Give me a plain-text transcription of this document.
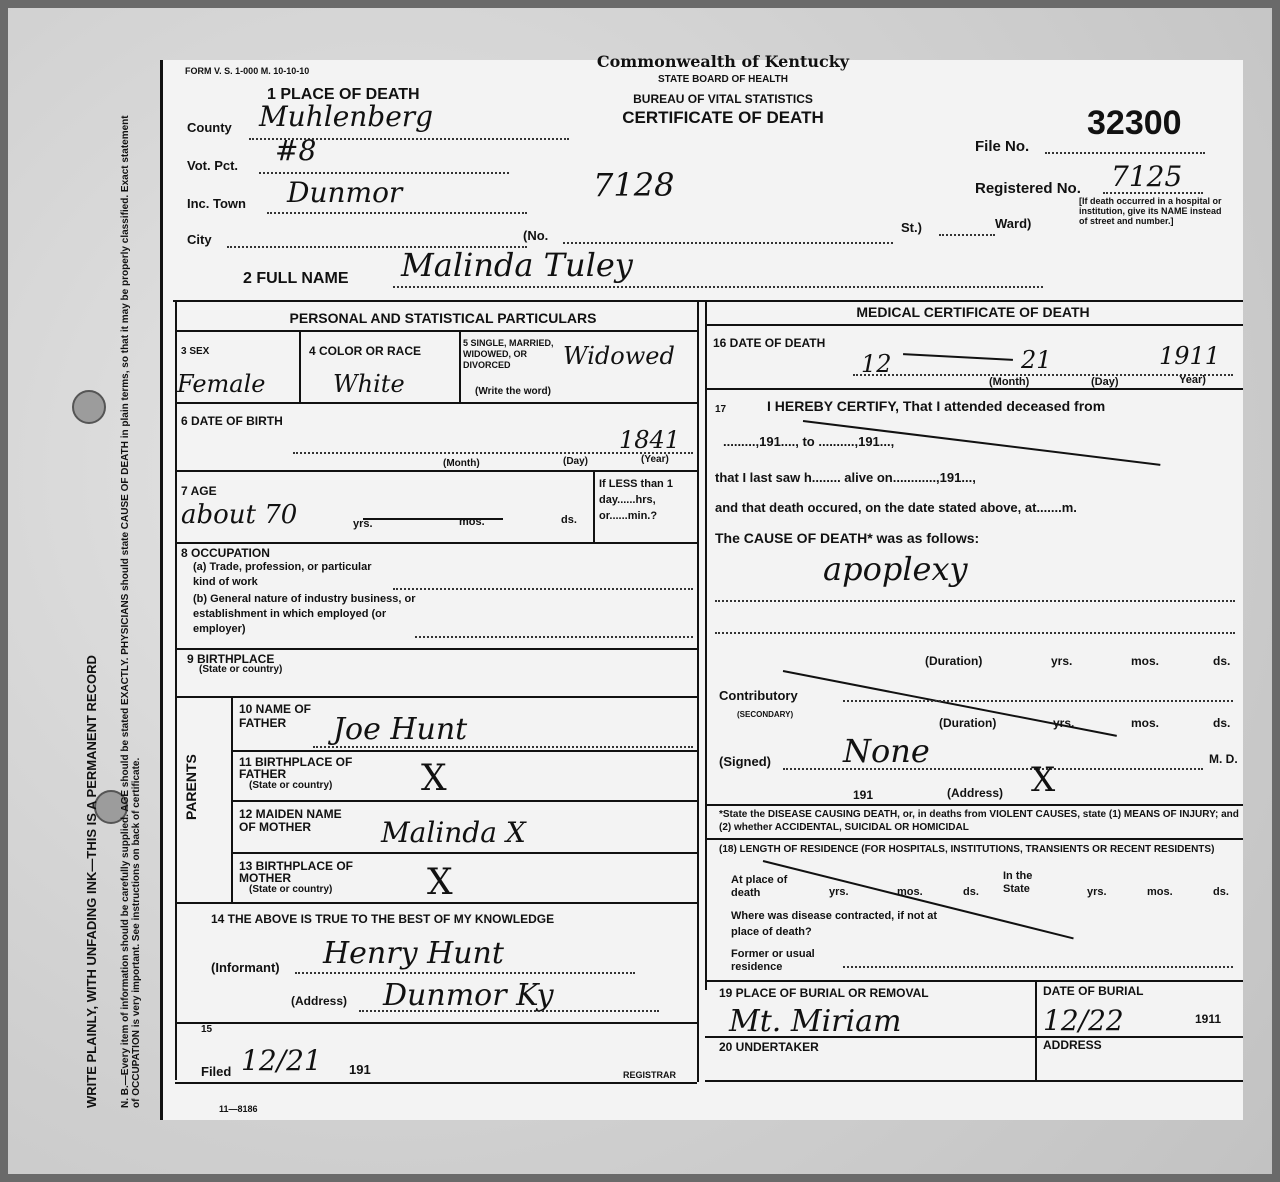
WRITE PLAINLY, WITH UNFADING INK—THIS IS A PERMANENT RECORD N. B.—Every item of information should be carefully supplied. AGE should be stated EXACTLY. PHYSICIANS should state CAUSE OF DEATH in plain terms, so that it may be properly classified. Exact statement of OCCUPATION is very important. See instructions on back of certificate.
FORM V. S. 1-000 M. 10-10-10	Commonwealth of Kentucky
STATE BOARD OF HEALTH
BUREAU OF VITAL STATISTICS
CERTIFICATE OF DEATH
1 PLACE OF DEATH
County Muhlenberg
Vot. Pct. #8
Inc. Town Dunmor	7128
City	(No.
St.)	Ward)
File No.
32300
Registered No. 7125
[If death occurred in a hospital or institution, give its NAME instead of street and number.]
2 FULL NAME Malinda Tuley
PERSONAL AND STATISTICAL PARTICULARS
3 SEX
Female
4 COLOR OR RACE
White
5 SINGLE, MARRIED, WIDOWED, OR DIVORCED
(Write the word)
Widowed
6 DATE OF BIRTH
1841
(Month)	(Day)	(Year)
7 AGE
about 70	yrs.	mos.	ds.
If LESS than 1 day......hrs, or......min.?
8 OCCUPATION
(a) Trade, profession, or particular kind of work
(b) General nature of industry business, or establishment in which employed (or employer)
9 BIRTHPLACE
(State or country)
PARENTS
10 NAME OF FATHER	Joe Hunt
11 BIRTHPLACE OF FATHER
(State or country) X
12 MAIDEN NAME OF MOTHER	Malinda X
13 BIRTHPLACE OF MOTHER
(State or country)	X
14 THE ABOVE IS TRUE TO THE BEST OF MY KNOWLEDGE
(Informant) Henry Hunt
(Address) Dunmor Ky
15
Filed 12/21 191	REGISTRAR
11—8186
MEDICAL CERTIFICATE OF DEATH
16 DATE OF DEATH
12	21	1911
(Month)	(Day)	Year)
17	I HEREBY CERTIFY, That I attended deceased from
.........,191...., to ..........,191...,
that I last saw h........ alive on............,191...,
and that death occured, on the date stated above, at.......m.
The CAUSE OF DEATH* was as follows:
apoplexy
(Duration)	yrs.	mos.	ds.
Contributory
(SECONDARY)
(Duration)	yrs.	mos.	ds.
(Signed) None	M. D.
191	(Address) X
*State the DISEASE CAUSING DEATH, or, in deaths from VIOLENT CAUSES, state (1) MEANS OF INJURY; and (2) whether ACCIDENTAL, SUICIDAL OR HOMICIDAL
(18) LENGTH OF RESIDENCE (FOR HOSPITALS, INSTITUTIONS, TRANSIENTS OR RECENT RESIDENTS)
At place of death	yrs.	mos.	ds.
In the State	yrs.	mos.	ds.
Where was disease contracted, if not at place of death?
Former or usual residence
19 PLACE OF BURIAL OR REMOVAL
Mt. Miriam
DATE OF BURIAL
12/22	1911
20 UNDERTAKER	ADDRESS
